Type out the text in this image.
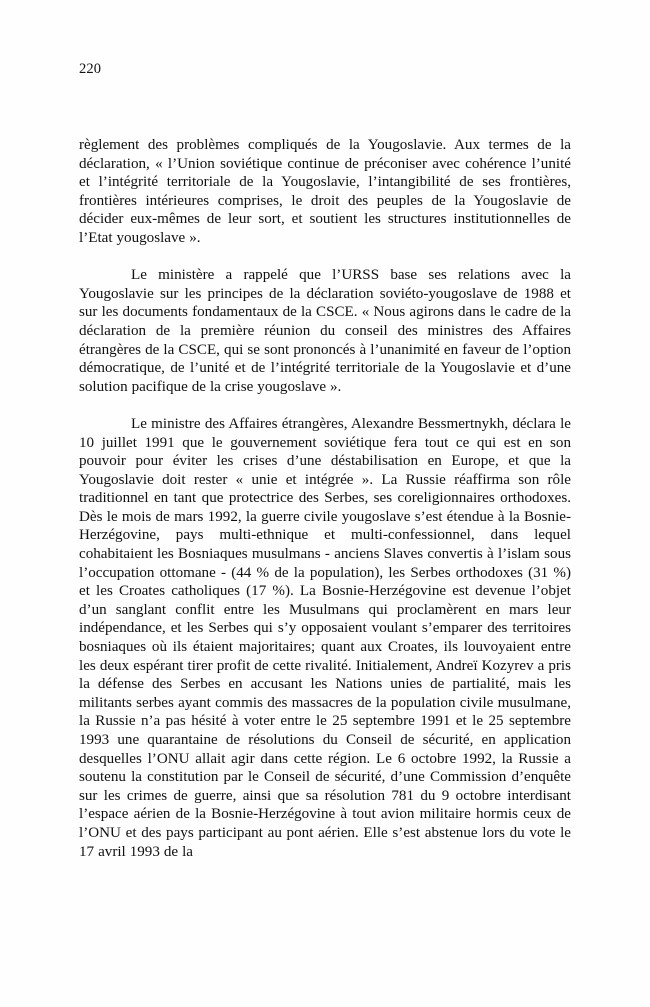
220

règlement des problèmes compliqués de la Yougoslavie. Aux termes de la déclaration, « l’Union soviétique continue de préconiser avec cohérence l’unité et l’intégrité territoriale de la Yougoslavie, l’intangibilité de ses frontières, frontières intérieures comprises, le droit des peuples de la Yougoslavie de décider eux-mêmes de leur sort, et soutient les structures institutionnelles de l’Etat yougoslave ».

Le ministère a rappelé que l’URSS base ses relations avec la Yougoslavie sur les principes de la déclaration soviéto-yougoslave de 1988 et sur les documents fondamentaux de la CSCE. « Nous agirons dans le cadre de la déclaration de la première réunion du conseil des ministres des Affaires étrangères de la CSCE, qui se sont prononcés à l’unanimité en faveur de l’option démocratique, de l’unité et de l’intégrité territoriale de la Yougoslavie et d’une solution pacifique de la crise yougoslave ».

Le ministre des Affaires étrangères, Alexandre Bessmertnykh, déclara le 10 juillet 1991 que le gouvernement soviétique fera tout ce qui est en son pouvoir pour éviter les crises d’une déstabilisation en Europe, et que la Yougoslavie doit rester « unie et intégrée ». La Russie réaffirma son rôle traditionnel en tant que protectrice des Serbes, ses coreligionnaires orthodoxes. Dès le mois de mars 1992, la guerre civile yougoslave s’est étendue à la Bosnie-Herzégovine, pays multi-ethnique et multi-confessionnel, dans lequel cohabitaient les Bosniaques musulmans - anciens Slaves convertis à l’islam sous l’occupation ottomane - (44 % de la population), les Serbes orthodoxes (31 %) et les Croates catholiques (17 %). La Bosnie-Herzégovine est devenue l’objet d’un sanglant conflit entre les Musulmans qui proclamèrent en mars leur indépendance, et les Serbes qui s’y opposaient voulant s’emparer des territoires bosniaques où ils étaient majoritaires; quant aux Croates, ils louvoyaient entre les deux espérant tirer profit de cette rivalité. Initialement, Andreï Kozyrev a pris la défense des Serbes en accusant les Nations unies de partialité, mais les militants serbes ayant commis des massacres de la population civile musulmane, la Russie n’a pas hésité à voter entre le 25 septembre 1991 et le 25 septembre 1993 une quarantaine de résolutions du Conseil de sécurité, en application desquelles l’ONU allait agir dans cette région. Le 6 octobre 1992, la Russie a soutenu la constitution par le Conseil de sécurité, d’une Commission d’enquête sur les crimes de guerre, ainsi que sa résolution 781 du 9 octobre interdisant l’espace aérien de la Bosnie-Herzégovine à tout avion militaire hormis ceux de l’ONU et des pays participant au pont aérien. Elle s’est abstenue lors du vote le 17 avril 1993 de la
